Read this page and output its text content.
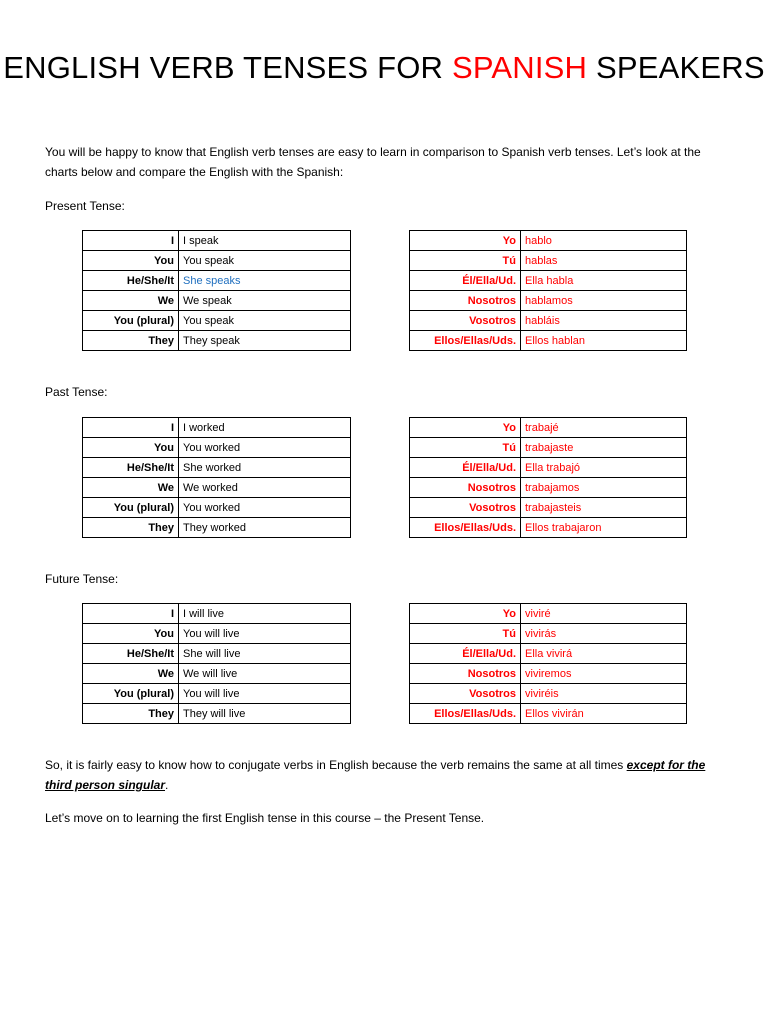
ENGLISH VERB TENSES FOR SPANISH SPEAKERS
You will be happy to know that English verb tenses are easy to learn in comparison to Spanish verb tenses. Let’s look at the charts below and compare the English with the Spanish:
Present Tense:
I	I speak
You	You speak
He/She/It	She speaks
We	We speak
You (plural)	You speak
They	They speak
Yo	hablo
Tú	hablas
Él/Ella/Ud.	Ella habla
Nosotros	hablamos
Vosotros	habláis
Ellos/Ellas/Uds.	Ellos hablan
Past Tense:
I	I worked
You	You worked
He/She/It	She worked
We	We worked
You (plural)	You worked
They	They worked
Yo	trabajé
Tú	trabajaste
Él/Ella/Ud.	Ella trabajó
Nosotros	trabajamos
Vosotros	trabajasteis
Ellos/Ellas/Uds.	Ellos trabajaron
Future Tense:
I	I will live
You	You will live
He/She/It	She will live
We	We will live
You (plural)	You will live
They	They will live
Yo	viviré
Tú	vivirás
Él/Ella/Ud.	Ella vivirá
Nosotros	viviremos
Vosotros	viviréis
Ellos/Ellas/Uds.	Ellos vivirán
So, it is fairly easy to know how to conjugate verbs in English because the verb remains the same at all times except for the third person singular.
Let’s move on to learning the first English tense in this course – the Present Tense.
